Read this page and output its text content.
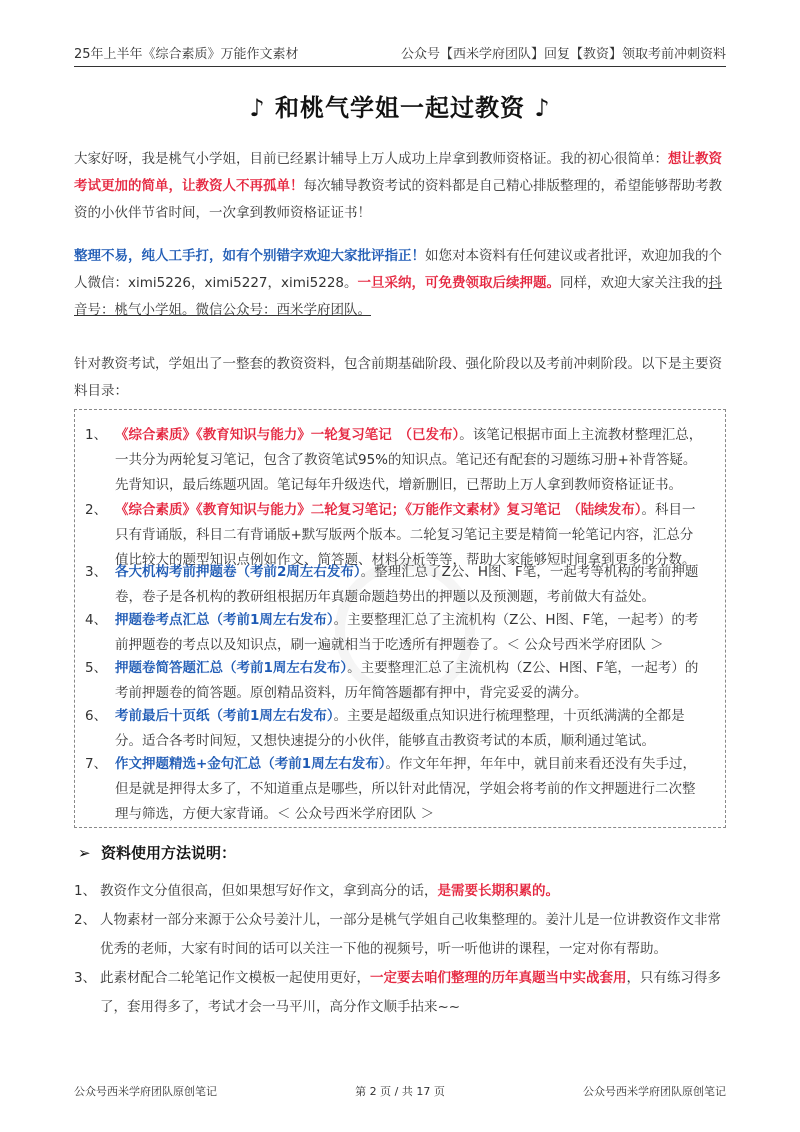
25年上半年《综合素质》万能作文素材	公众号【西米学府团队】回复【教资】领取考前冲刺资料
♪ 和桃气学姐一起过教资 ♪
大家好呀，我是桃气小学姐，目前已经累计辅导上万人成功上岸拿到教师资格证。我的初心很简单：想让教资考试更加的简单，让教资人不再孤单！每次辅导教资考试的资料都是自己精心排版整理的，希望能够帮助考教资的小伙伴节省时间，一次拿到教师资格证证书！
整理不易，纯人工手打，如有个别错字欢迎大家批评指正！如您对本资料有任何建议或者批评，欢迎加我的个人微信：ximi5226，ximi5227，ximi5228。一旦采纳，可免费领取后续押题。同样，欢迎大家关注我的抖音号：桃气小学姐。微信公众号：西米学府团队。
针对教资考试，学姐出了一整套的教资资料，包含前期基础阶段、强化阶段以及考前冲刺阶段。以下是主要资料目录：
1、 《综合素质》《教育知识与能力》一轮复习笔记　（已发布）。该笔记根据市面上主流教材整理汇总，一共分为两轮复习笔记，包含了教资笔试95%的知识点。笔记还有配套的习题练习册+补背答疑。先背知识，最后练题巩固。笔记每年升级迭代，增新删旧，已帮助上万人拿到教师资格证证书。
2、 《综合素质》《教育知识与能力》二轮复习笔记；《万能作文素材》复习笔记　（陆续发布）。科目一只有背诵版，科目二有背诵版+默写版两个版本。二轮复习笔记主要是精简一轮笔记内容，汇总分值比较大的题型知识点例如作文、简答题、材料分析等等，帮助大家能够短时间拿到更多的分数。
3、 各大机构考前押题卷（考前2周左右发布）。整理汇总了Z公、H图、F笔，一起考等机构的考前押题卷，卷子是各机构的教研组根据历年真题命题趋势出的押题以及预测题，考前做大有益处。
4、 押题卷考点汇总（考前1周左右发布）。主要整理汇总了主流机构（Z公、H图、F笔，一起考）的考前押题卷的考点以及知识点，刷一遍就相当于吃透所有押题卷了。＜ 公众号西米学府团队 ＞
5、 押题卷简答题汇总（考前1周左右发布）。主要整理汇总了主流机构（Z公、H图、F笔，一起考）的考前押题卷的简答题。原创精品资料，历年简答题都有押中，背完妥妥的满分。
6、 考前最后十页纸（考前1周左右发布）。主要是超级重点知识进行梳理整理，十页纸满满的全都是分。适合各考时间短，又想快速提分的小伙伴，能够直击教资考试的本质，顺利通过笔试。
7、 作文押题精选+金句汇总（考前1周左右发布）。作文年年押，年年中，就目前来看还没有失手过，但是就是押得太多了，不知道重点是哪些，所以针对此情况，学姐会将考前的作文押题进行二次整理与筛选，方便大家背诵。＜ 公众号西米学府团队 ＞
➢ 资料使用方法说明：
1、 教资作文分值很高，但如果想写好作文，拿到高分的话，是需要长期积累的。
2、 人物素材一部分来源于公众号姜汁儿，一部分是桃气学姐自己收集整理的。姜汁儿是一位讲教资作文非常优秀的老师，大家有时间的话可以关注一下他的视频号，听一听他讲的课程，一定对你有帮助。
3、 此素材配合二轮笔记作文模板一起使用更好，一定要去咱们整理的历年真题当中实战套用，只有练习得多了，套用得多了，考试才会一马平川，高分作文顺手拈来~~
公众号西米学府团队原创笔记	第 2 页 / 共 17 页	公众号西米学府团队原创笔记
